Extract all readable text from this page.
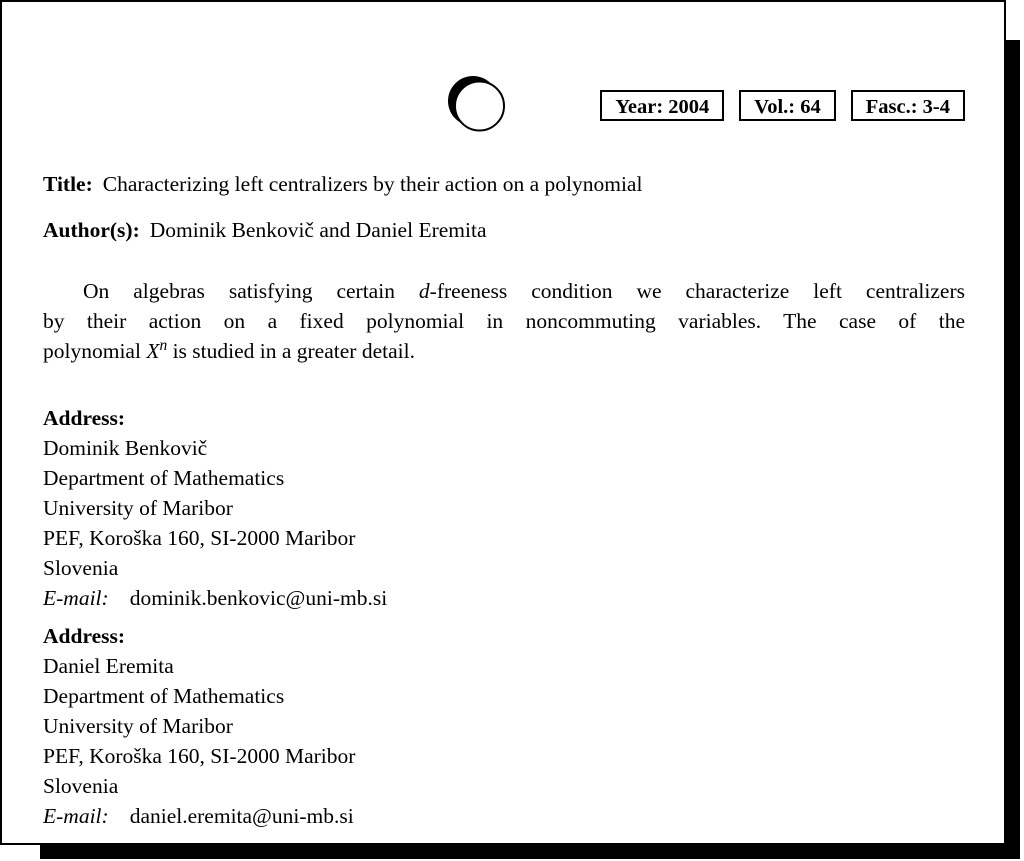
Year: 2004	Vol.: 64	Fasc.: 3-4

Title: Characterizing left centralizers by their action on a polynomial

Author(s): Dominik Benkovič and Daniel Eremita

On algebras satisfying certain d-freeness condition we characterize left centralizers
by their action on a fixed polynomial in noncommuting variables. The case of the
polynomial $X^n$ is studied in a greater detail.
Address:
Dominik Benkovič
Department of Mathematics
University of Maribor
PEF, Koroška 160, SI-2000 Maribor
Slovenia
E-mail: dominik.benkovic@uni-mb.si
Address:
Daniel Eremita
Department of Mathematics
University of Maribor
PEF, Koroška 160, SI-2000 Maribor
Slovenia
E-mail: daniel.eremita@uni-mb.si
